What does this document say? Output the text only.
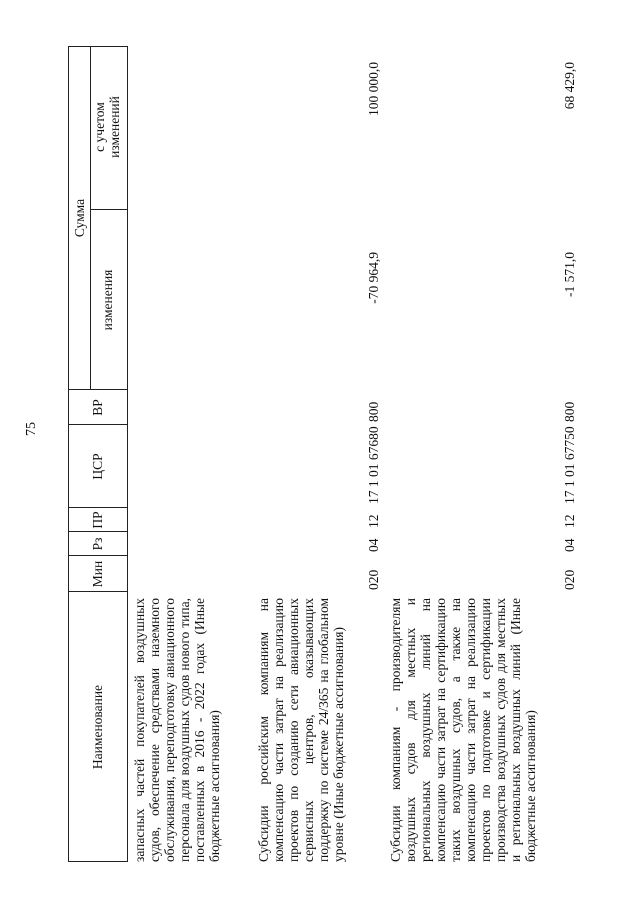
75
Наименование
Мин
Рз
ПР
ЦСР
ВР
Сумма
изменения
с учетом изменений
запасных частей покупателей воздушных судов, обеспечение средствами наземного обслуживания, переподготовку авиационного персонала для воздушных судов нового типа, поставленных в 2016 - 2022 годах (Иные бюджетные ассигнования)	Субсидии российским компаниям на компенсацию части затрат на реализацию проектов по созданию сети авиационных сервисных центров, оказывающих поддержку по системе 24/365 на глобальном уровне (Иные бюджетные ассигнования)
020
04
12
17 1 01 67680
800
-70 964,9
100 000,0
Субсидии компаниям - производителям воздушных судов для местных и региональных воздушных линий на компенсацию части затрат на сертификацию таких воздушных судов, а также на компенсацию части затрат на реализацию проектов по подготовке и сертификации производства воздушных судов для местных и региональных воздушных линий (Иные бюджетные ассигнования)
020
04
12
17 1 01 67750
800
-1 571,0
68 429,0
